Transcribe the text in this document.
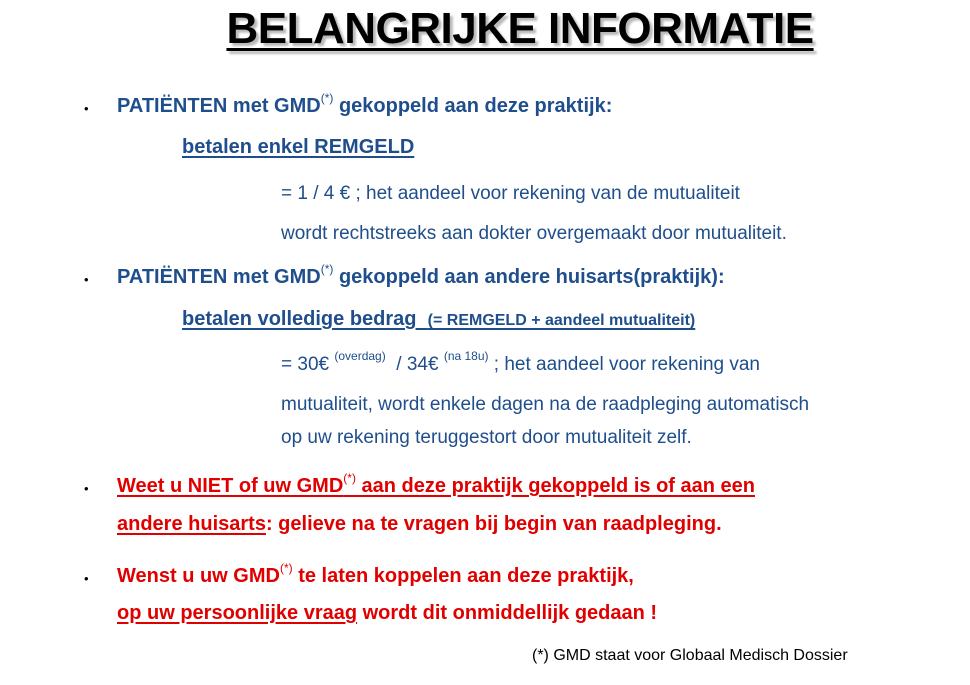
BELANGRIJKE INFORMATIE
• PATIËNTEN met GMD(*) gekoppeld aan deze praktijk:
betalen enkel REMGELD
= 1 / 4 € ; het aandeel voor rekening van de mutualiteit
wordt rechtstreeks aan dokter overgemaakt door mutualiteit.
• PATIËNTEN met GMD(*) gekoppeld aan andere huisarts(praktijk):
betalen volledige bedrag (= REMGELD + aandeel mutualiteit)
= 30€ $^{(overdag)}$  / 34€ $^{(na 18u)}$ ; het aandeel voor rekening van
mutualiteit, wordt enkele dagen na de raadpleging automatisch
op uw rekening teruggestort door mutualiteit zelf.
• Weet u NIET of uw GMD(*) aan deze praktijk gekoppeld is of aan een
andere huisarts: gelieve na te vragen bij begin van raadpleging.
• Wenst u uw GMD(*) te laten koppelen aan deze praktijk,
op uw persoonlijke vraag wordt dit onmiddellijk gedaan !
(*) GMD staat voor Globaal Medisch Dossier
